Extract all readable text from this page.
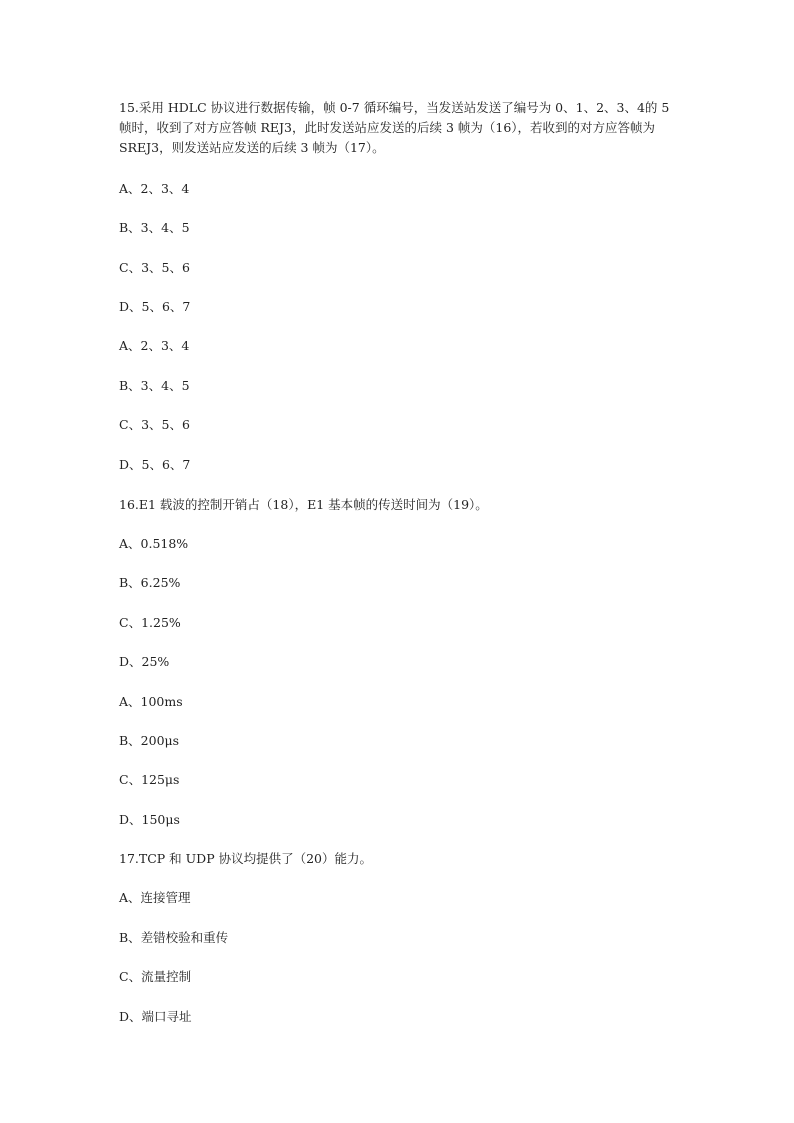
15.采用 HDLC 协议进行数据传输，帧 0-7 循环编号，当发送站发送了编号为 0、1、2、3、4的 5 帧时，收到了对方应答帧 REJ3，此时发送站应发送的后续 3 帧为（16），若收到的对方应答帧为 SREJ3，则发送站应发送的后续 3 帧为（17）。

A、2、3、4
B、3、4、5
C、3、5、6
D、5、6、7
A、2、3、4
B、3、4、5
C、3、5、6
D、5、6、7

16.E1 载波的控制开销占（18），E1 基本帧的传送时间为（19）。

A、0.518%
B、6.25%
C、1.25%
D、25%
A、100ms
B、200μs
C、125μs
D、150μs

17.TCP 和 UDP 协议均提供了（20）能力。

A、连接管理
B、差错校验和重传
C、流量控制
D、端口寻址
